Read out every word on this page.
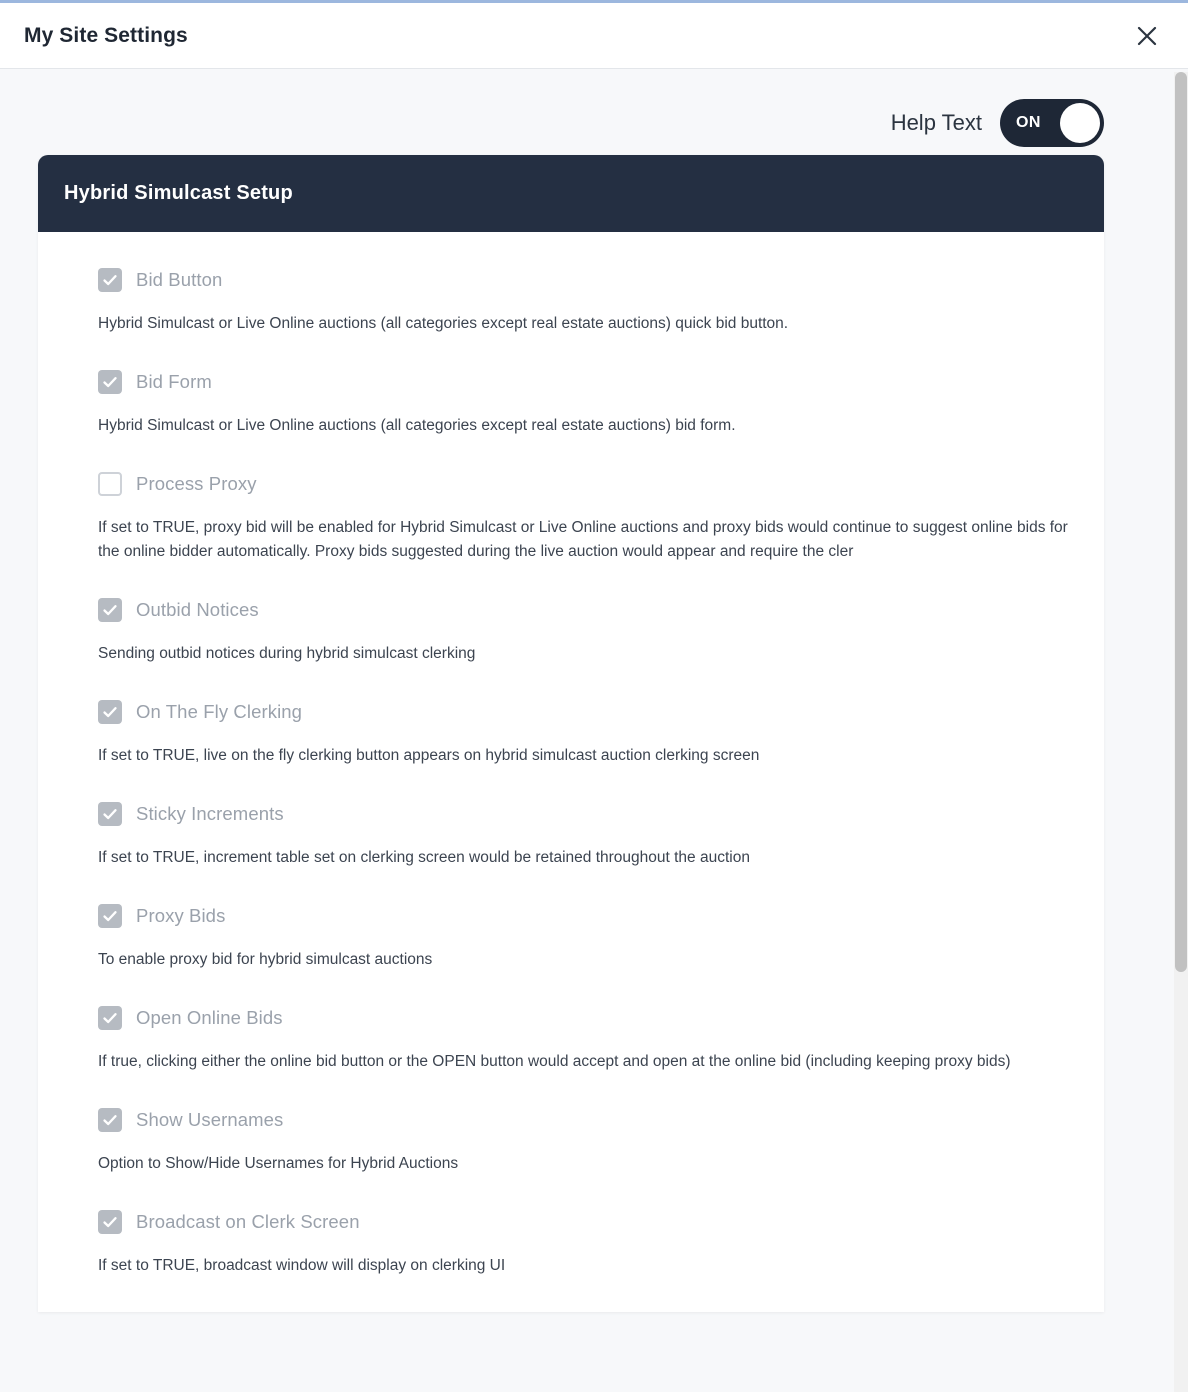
My Site Settings
Help Text ON
Hybrid Simulcast Setup
Bid Button
Hybrid Simulcast or Live Online auctions (all categories except real estate auctions) quick bid button.
Bid Form
Hybrid Simulcast or Live Online auctions (all categories except real estate auctions) bid form.
Process Proxy
If set to TRUE, proxy bid will be enabled for Hybrid Simulcast or Live Online auctions and proxy bids would continue to suggest online bids for the online bidder automatically. Proxy bids suggested during the live auction would appear and require the cler
Outbid Notices
Sending outbid notices during hybrid simulcast clerking
On The Fly Clerking
If set to TRUE, live on the fly clerking button appears on hybrid simulcast auction clerking screen
Sticky Increments
If set to TRUE, increment table set on clerking screen would be retained throughout the auction
Proxy Bids
To enable proxy bid for hybrid simulcast auctions
Open Online Bids
If true, clicking either the online bid button or the OPEN button would accept and open at the online bid (including keeping proxy bids)
Show Usernames
Option to Show/Hide Usernames for Hybrid Auctions
Broadcast on Clerk Screen
If set to TRUE, broadcast window will display on clerking UI
